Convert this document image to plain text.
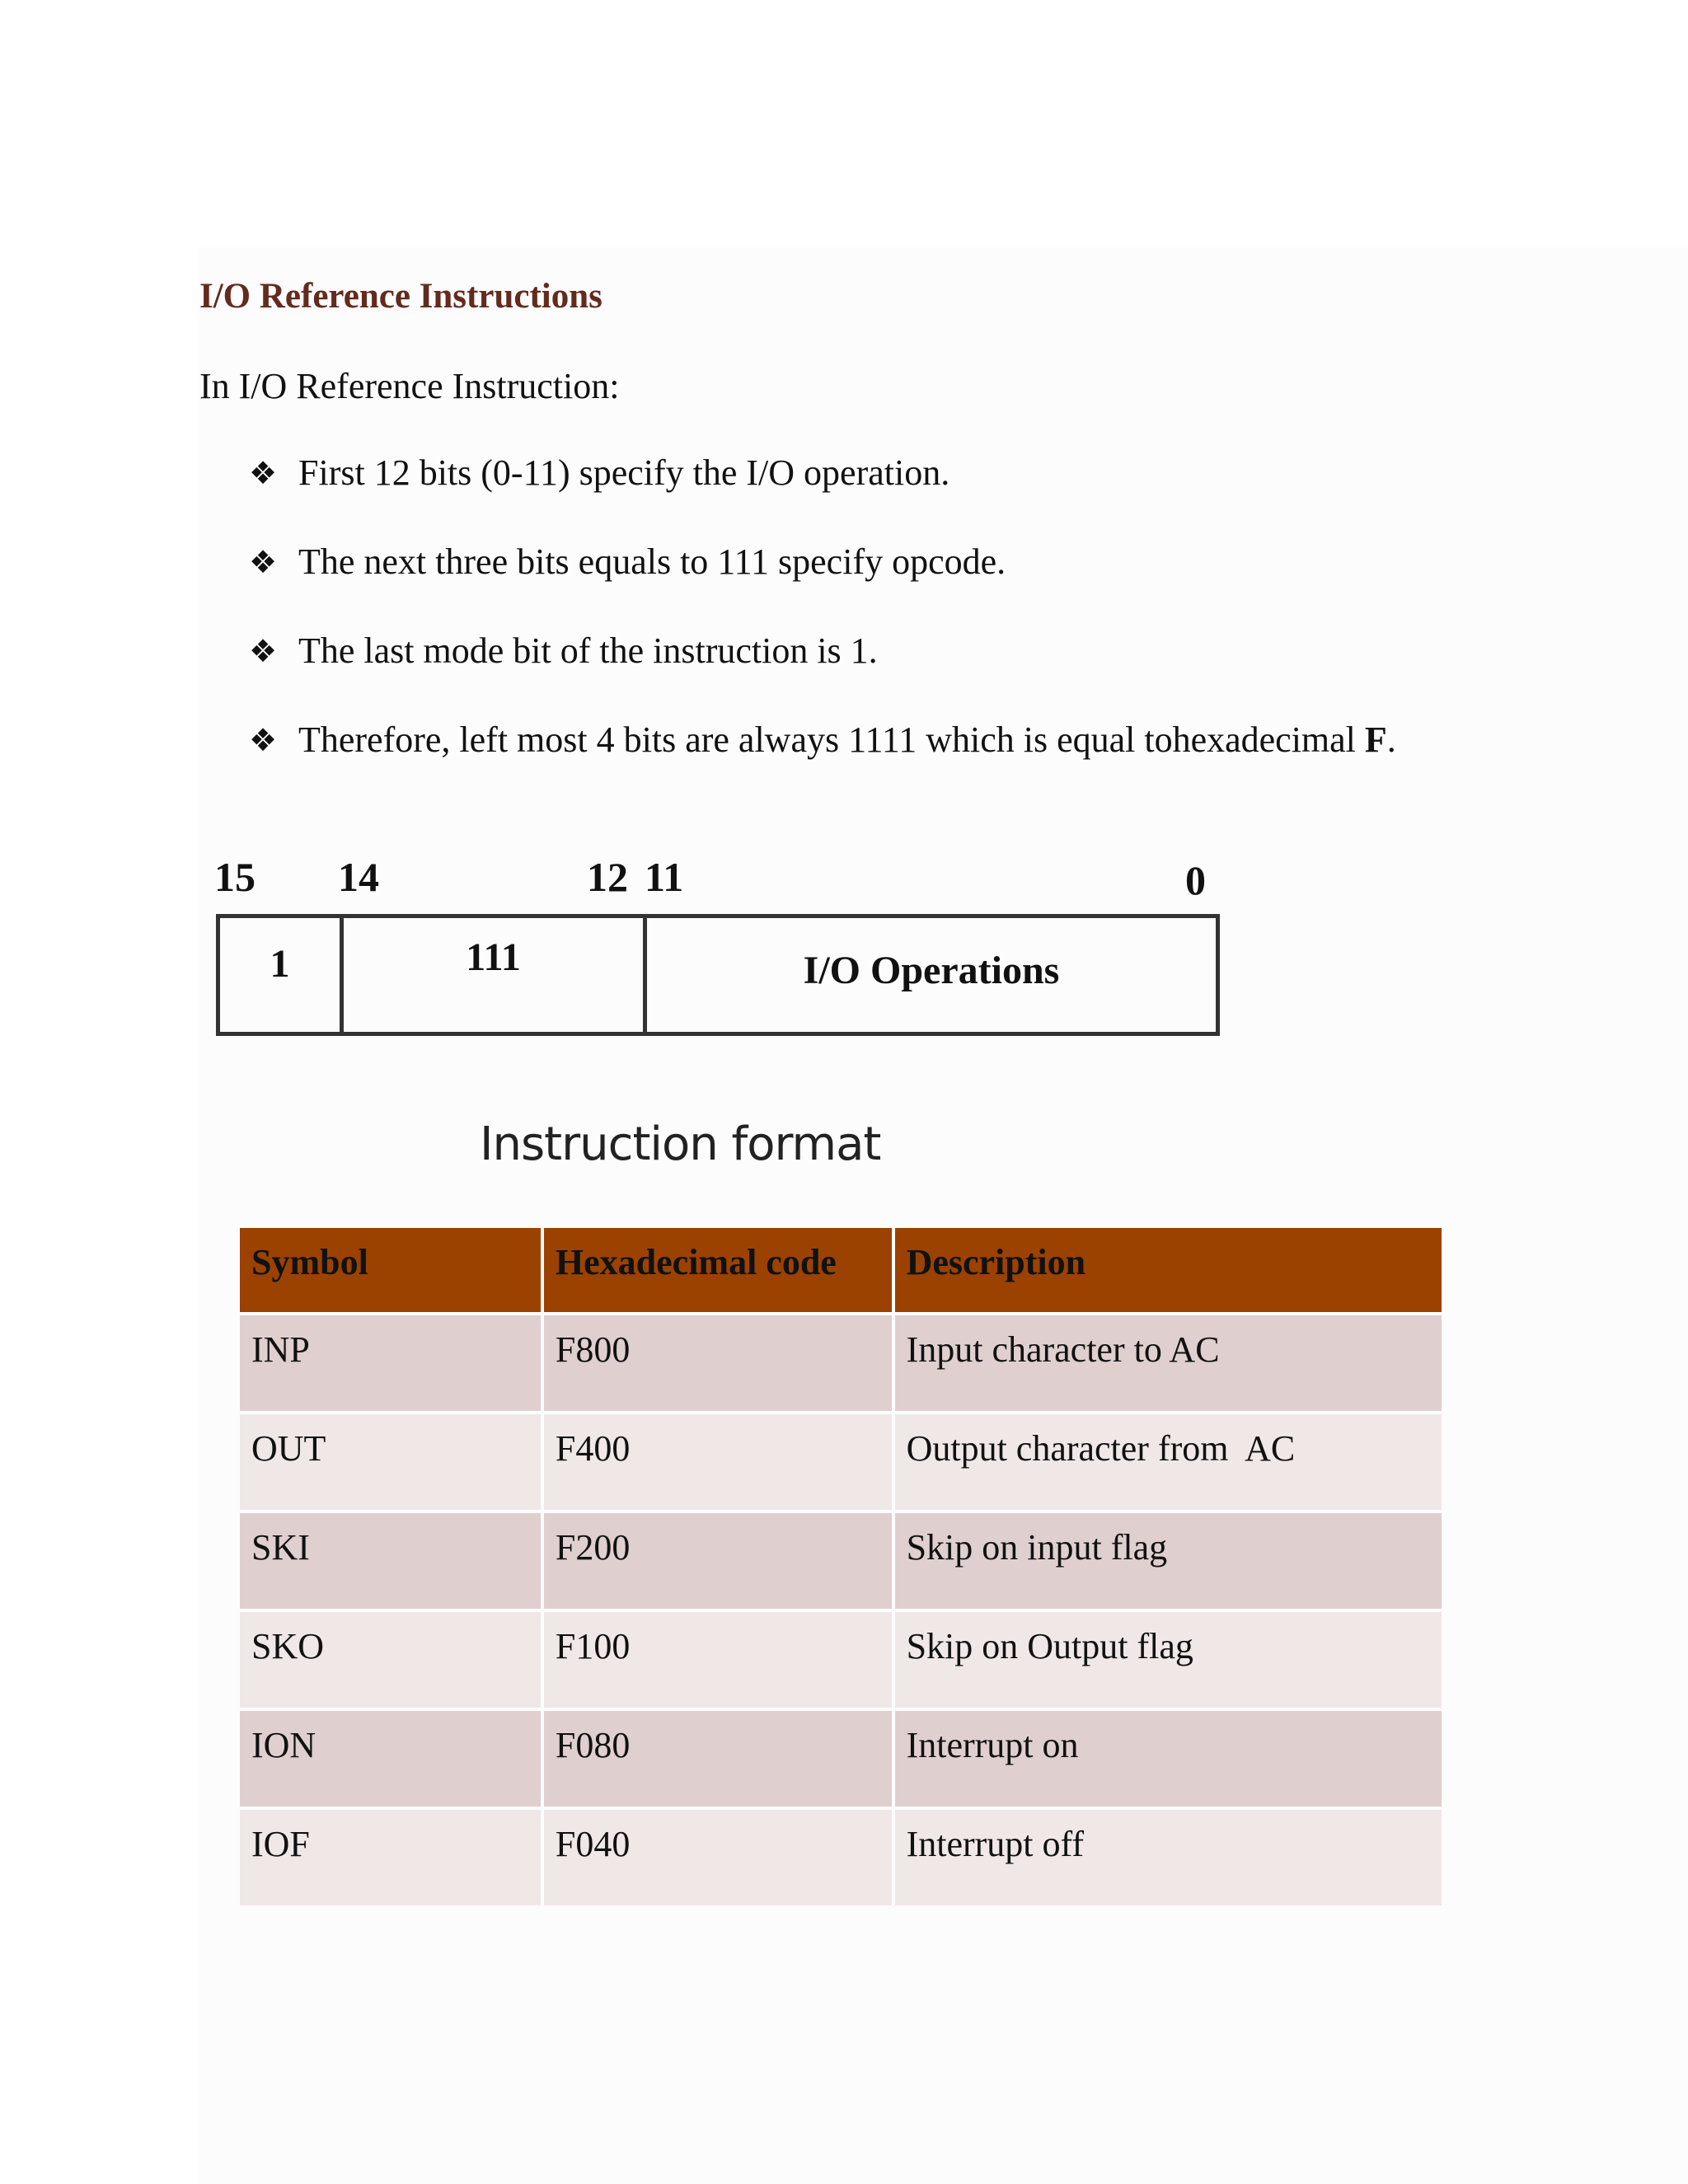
I/O Reference Instructions
In I/O Reference Instruction:
❖ First 12 bits (0-11) specify the I/O operation.
❖ The next three bits equals to 111 specify opcode.
❖ The last mode bit of the instruction is 1.
❖ Therefore, left most 4 bits are always 1111 which is equal tohexadecimal F.
15 14	12 11	0
1	111	I/O Operations
Instruction format
Symbol	Hexadecimal code	Description
INP	F800	Input character to AC
OUT	F400	Output character from  AC
SKI	F200	Skip on input flag
SKO	F100	Skip on Output flag
ION	F080	Interrupt on
IOF	F040	Interrupt off
